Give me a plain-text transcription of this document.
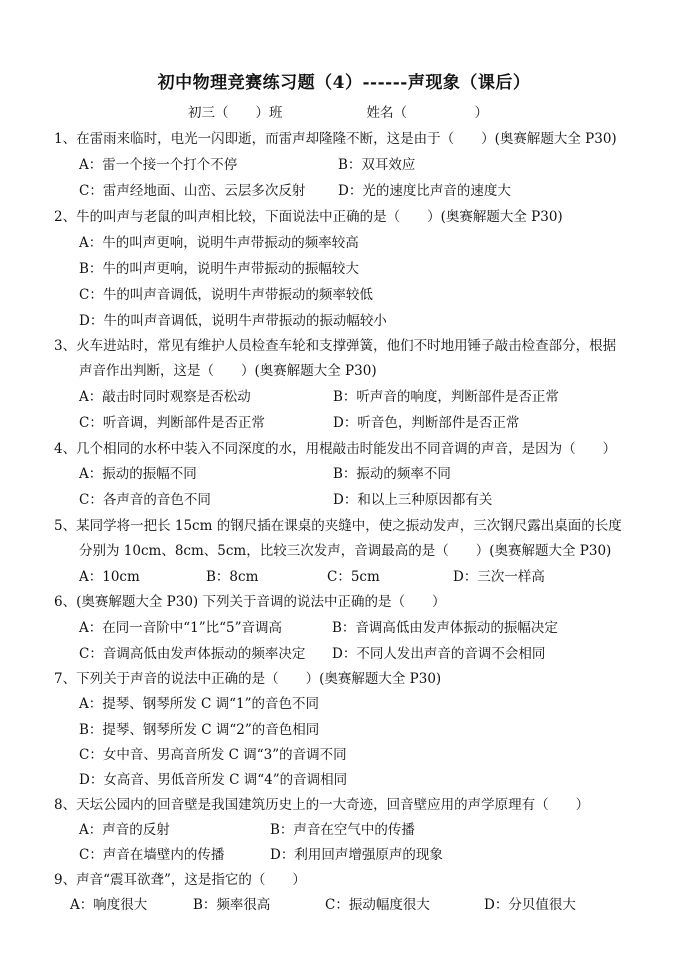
初中物理竞赛练习题（4）------声现象（课后）
初三（　　）班	姓名（　　　　　）
1、在雷雨来临时，电光一闪即逝，而雷声却隆隆不断，这是由于（　　）(奥赛解题大全 P30)
A：雷一个接一个打个不停	B：双耳效应
C：雷声经地面、山峦、云层多次反射 D：光的速度比声音的速度大
2、牛的叫声与老鼠的叫声相比较，下面说法中正确的是（　　）(奥赛解题大全 P30)
A：牛的叫声更响，说明牛声带振动的频率较高
B：牛的叫声更响，说明牛声带振动的振幅较大
C：牛的叫声音调低，说明牛声带振动的频率较低
D：牛的叫声音调低，说明牛声带振动的振动幅较小
3、火车进站时，常见有维护人员检查车轮和支撑弹簧，他们不时地用锤子敲击检查部分，根据
声音作出判断，这是（　　）(奥赛解题大全 P30)
A：敲击时同时观察是否松动	B：听声音的响度，判断部件是否正常
C：听音调，判断部件是否正常	D：听音色，判断部件是否正常
4、几个相同的水杯中装入不同深度的水，用棍敲击时能发出不同音调的声音，是因为（　　）
A：振动的振幅不同	B：振动的频率不同
C：各声音的音色不同	D：和以上三种原因都有关
5、某同学将一把长 15cm 的钢尺插在课桌的夹缝中，使之振动发声，三次钢尺露出桌面的长度
分别为 10cm、8cm、5cm，比较三次发声，音调最高的是（　　）(奥赛解题大全 P30)
A：10cm	B：8cm	C：5cm	D：三次一样高
6、(奥赛解题大全 P30) 下列关于音调的说法中正确的是（　　）
A：在同一音阶中“1”比“5”音调高	B：音调高低由发声体振动的振幅决定
C：音调高低由发声体振动的频率决定 D：不同人发出声音的音调不会相同
7、下列关于声音的说法中正确的是（　　）(奥赛解题大全 P30)
A：提琴、钢琴所发 C 调“1”的音色不同
B：提琴、钢琴所发 C 调“2”的音色相同
C：女中音、男高音所发 C 调“3”的音调不同
D：女高音、男低音所发 C 调“4”的音调相同
8、天坛公园内的回音壁是我国建筑历史上的一大奇迹，回音壁应用的声学原理有（　　）
A：声音的反射	B：声音在空气中的传播
C：声音在墙壁内的传播	D：利用回声增强原声的现象
9、声音“震耳欲聋”，这是指它的（　　）
A：响度很大	B：频率很高	C：振动幅度很大	D：分贝值很大
